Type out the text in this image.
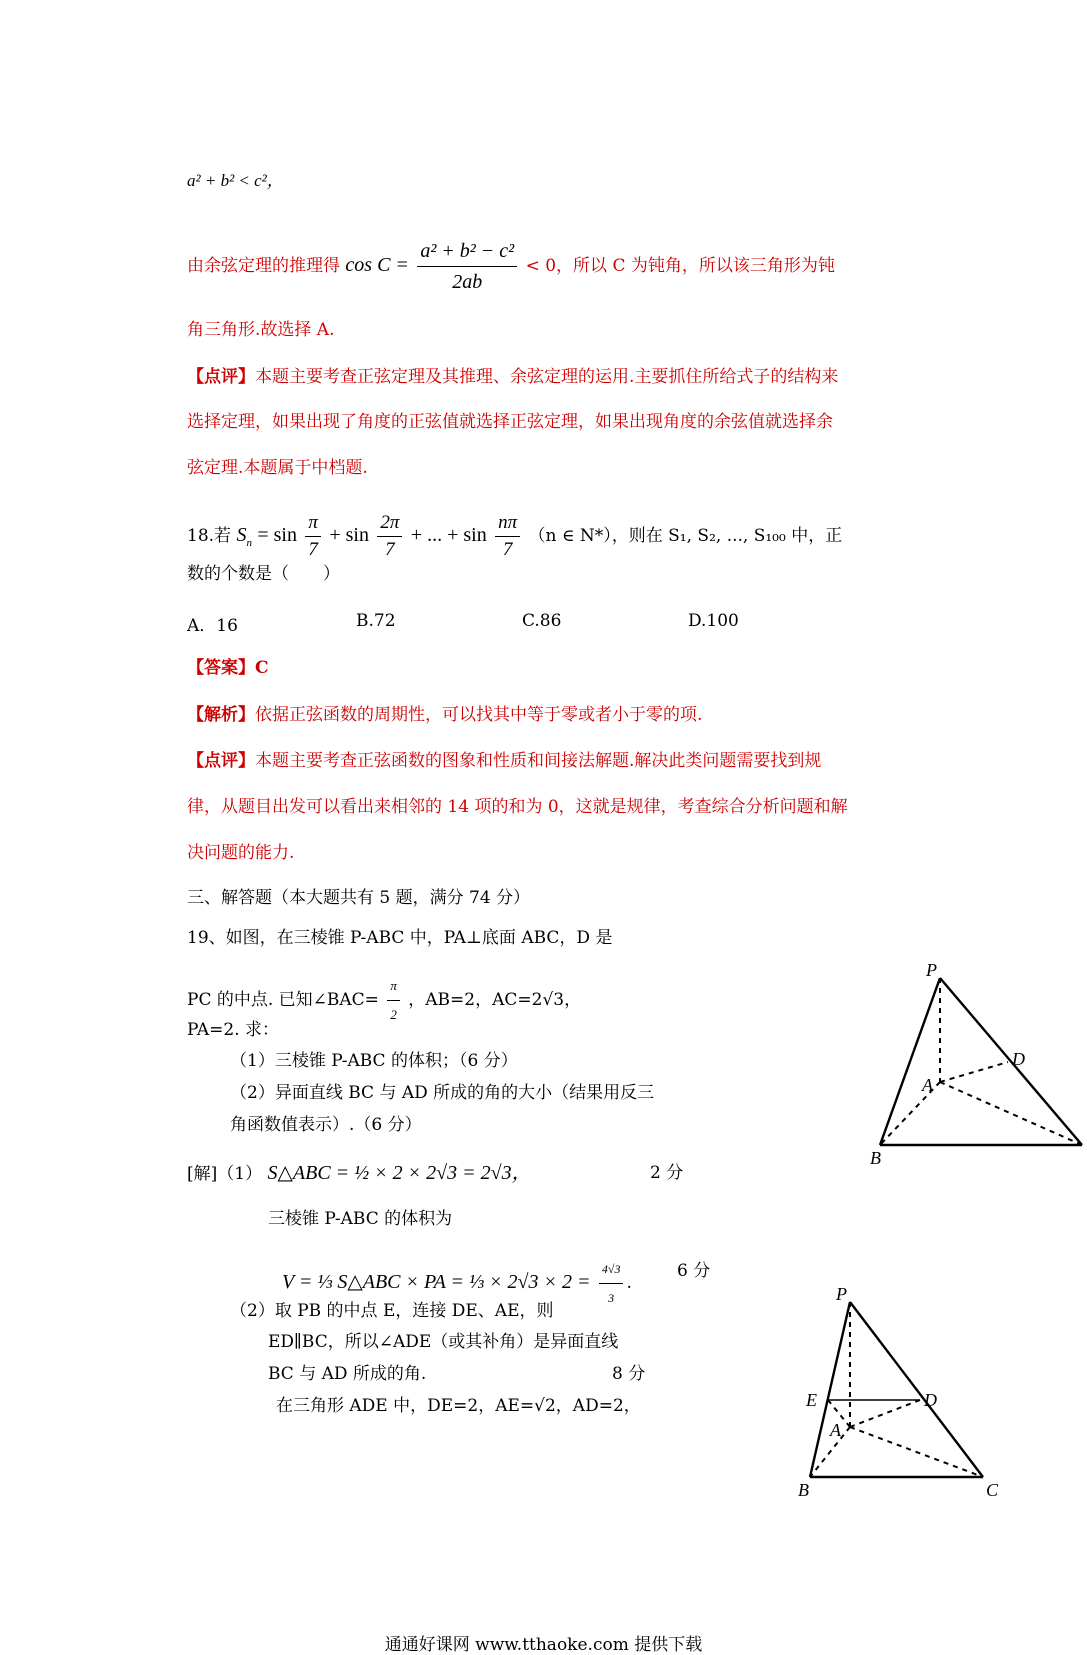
a² + b² < c²，
由余弦定理的推理得 $\cos C = \frac{\text{a² + b² − c²}}{2ab} < 0$，所以 C 为钝角，所以该三角形为钝
角三角形.故选择 A.
【点评】本题主要考查正弦定理及其推理、余弦定理的运用.主要抓住所给式子的结构来
选择定理，如果出现了角度的正弦值就选择正弦定理，如果出现角度的余弦值就选择余
弦定理.本题属于中档题.
18.若 $S_n = \sin \frac{\pi}{7} + \sin \frac{2\pi}{7}$ + ... + $\sin \frac{n\pi}{7} (n$ ∈ N*），则在 S₁, S₂, ..., S₁₀₀ 中，正
数的个数是（　　）
A．16	B.72	C.86	D.100
【答案】C
【解析】依据正弦函数的周期性，可以找其中等于零或者小于零的项.
【点评】本题主要考查正弦函数的图象和性质和间接法解题.解决此类问题需要找到规
律，从题目出发可以看出来相邻的 14 项的和为 0，这就是规律，考查综合分析问题和解
决问题的能力.
三、解答题（本大题共有 5 题，满分 74 分）
19、如图，在三棱锥 P-ABC 中，PA⊥底面 ABC，D 是
PC 的中点. 已知∠BAC= $\frac{\pi}{2}$ ，AB=2，AC=2√3，
PA=2. 求：
（1）三棱锥 P-ABC 的体积；（6 分）
（2）异面直线 BC 与 AD 所成的角的大小（结果用反三
角函数值表示）.（6 分）
[解]（1） S△ABC = ½ × 2 × 2√3 = 2√3，	2 分
三棱锥 P-ABC 的体积为
V = ⅓ S△ABC × PA = ⅓ × $2√3 \times 2 = \frac{4√3}{3}$ .
6 分
（2）取 PB 的中点 E，连接 DE、AE，则
ED∥BC，所以∠ADE（或其补角）是异面直线
BC 与 AD 所成的角.	8 分
在三角形 ADE 中，DE=2，AE=√2，AD=2，
P
D
A
B
P
E	D
A
B	C
通通好课网 www.tthaoke.com 提供下载
